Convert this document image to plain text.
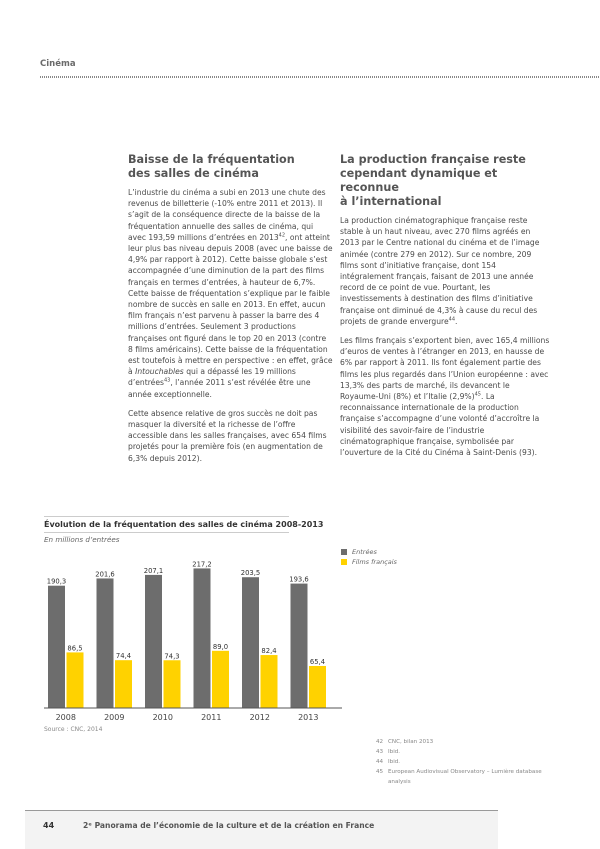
Cinéma
Baisse de la fréquentation
des salles de cinéma

L’industrie du cinéma a subi en 2013 une chute des revenus de billetterie (-10% entre 2011 et 2013). Il s’agit de la conséquence directe de la baisse de la fréquentation annuelle des salles de cinéma, qui avec 193,59 millions d’entrées en 2013$^{42}$, ont atteint leur plus bas niveau depuis 2008 (avec une baisse de 4,9% par rapport à 2012). Cette baisse globale s’est accompagnée d’une diminution de la part des films français en termes d’entrées, à hauteur de 6,7%. Cette baisse de fréquentation s’explique par le faible nombre de succès en salle en 2013. En effet, aucun film français n’est parvenu à passer la barre des 4 millions d’entrées. Seulement 3 productions françaises ont figuré dans le top 20 en 2013 (contre 8 films américains). Cette baisse de la fréquentation est toutefois à mettre en perspective : en effet, grâce à Intouchables qui a dépassé les 19 millions d’entrées$^{43}$, l’année 2011 s’est révélée être une année exceptionnelle.

Cette absence relative de gros succès ne doit pas masquer la diversité et la richesse de l’offre accessible dans les salles françaises, avec 654 films projetés pour la première fois (en augmentation de 6,3% depuis 2012).

La production française reste
cependant dynamique et reconnue
à l’international

La production cinématographique française reste stable à un haut niveau, avec 270 films agréés en 2013 par le Centre national du cinéma et de l’image animée (contre 279 en 2012). Sur ce nombre, 209 films sont d’initiative française, dont 154 intégralement français, faisant de 2013 une année record de ce point de vue. Pourtant, les investissements à destination des films d’initiative française ont diminué de 4,3% à cause du recul des projets de grande envergure$^{44}$.

Les films français s’exportent bien, avec 165,4 millions d’euros de ventes à l’étranger en 2013, en hausse de 6% par rapport à 2011. Ils font également partie des films les plus regardés dans l’Union européenne : avec 13,3% des parts de marché, ils devancent le Royaume-Uni (8%) et l’Italie $(2,9\%)^{45}$. La reconnaissance internationale de la production française s’accompagne d’une volonté d’accroître la visibilité des savoir-faire de l’industrie cinématographique française, symbolisée par l’ouverture de la Cité du Cinéma à Saint-Denis (93).

Évolution de la fréquentation des salles de cinéma 2008-2013
En millions d’entrées
190,3
86,5
2008
201,6
74,4
2009
207,1
74,3
2010
217,2
89,0
2011
203,5
82,4
2012
193,6
65,4
2013
Entrées
Films français
Source : CNC, 2014
42 CNC, bilan 2013
43 Ibid.
44 Ibid.
45 European Audiovisual Observatory – Lumière database analysis
44	2ᵉ Panorama de l’économie de la culture et de la création en France
